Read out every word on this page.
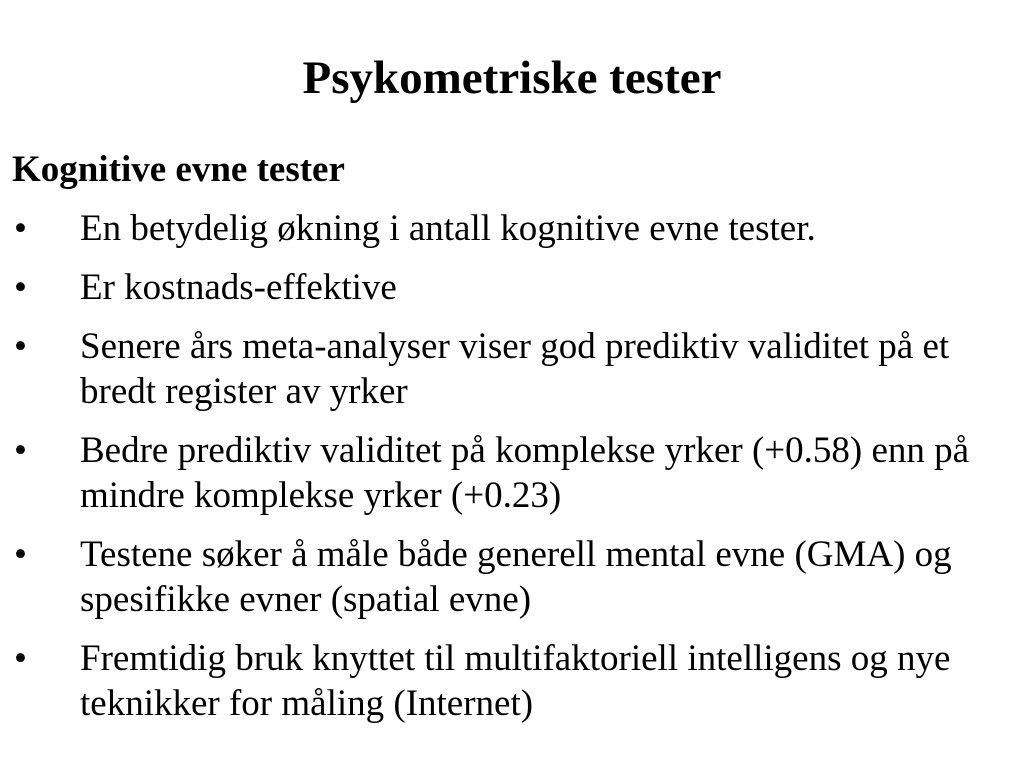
Psykometriske tester

Kognitive evne tester

•	En betydelig økning i antall kognitive evne tester.
•	Er kostnads-effektive
•	Senere års meta-analyser viser god prediktiv validitet på et bredt register av yrker
•	Bedre prediktiv validitet på komplekse yrker (+0.58) enn på mindre komplekse yrker (+0.23)
•	Testene søker å måle både generell mental evne (GMA) og spesifikke evner (spatial evne)
•	Fremtidig bruk knyttet til multifaktoriell intelligens og nye teknikker for måling (Internet)
